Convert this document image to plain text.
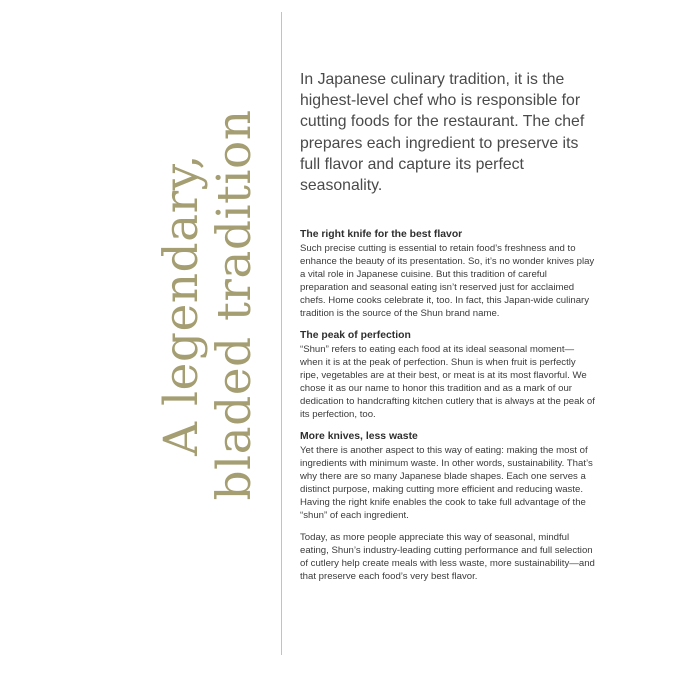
A legendary,
bladed tradition

In Japanese culinary tradition, it is the highest-level chef who is responsible for cutting foods for the restaurant. The chef prepares each ingredient to preserve its full flavor and capture its perfect seasonality.

The right knife for the best flavor

Such precise cutting is essential to retain food’s freshness and to enhance the beauty of its presentation. So, it’s no wonder knives play a vital role in Japanese cuisine. But this tradition of careful preparation and seasonal eating isn’t reserved just for acclaimed chefs. Home cooks celebrate it, too. In fact, this Japan-wide culinary tradition is the source of the Shun brand name.

The peak of perfection

“Shun” refers to eating each food at its ideal seasonal moment—when it is at the peak of perfection. Shun is when fruit is perfectly ripe, vegetables are at their best, or meat is at its most flavorful. We chose it as our name to honor this tradition and as a mark of our dedication to handcrafting kitchen cutlery that is always at the peak of its perfection, too.

More knives, less waste

Yet there is another aspect to this way of eating: making the most of ingredients with minimum waste. In other words, sustainability. That’s why there are so many Japanese blade shapes. Each one serves a distinct purpose, making cutting more efficient and reducing waste. Having the right knife enables the cook to take full advantage of the “shun” of each ingredient.

Today, as more people appreciate this way of seasonal, mindful eating, Shun’s industry-leading cutting performance and full selection of cutlery help create meals with less waste, more sustainability—and that preserve each food’s very best flavor.
